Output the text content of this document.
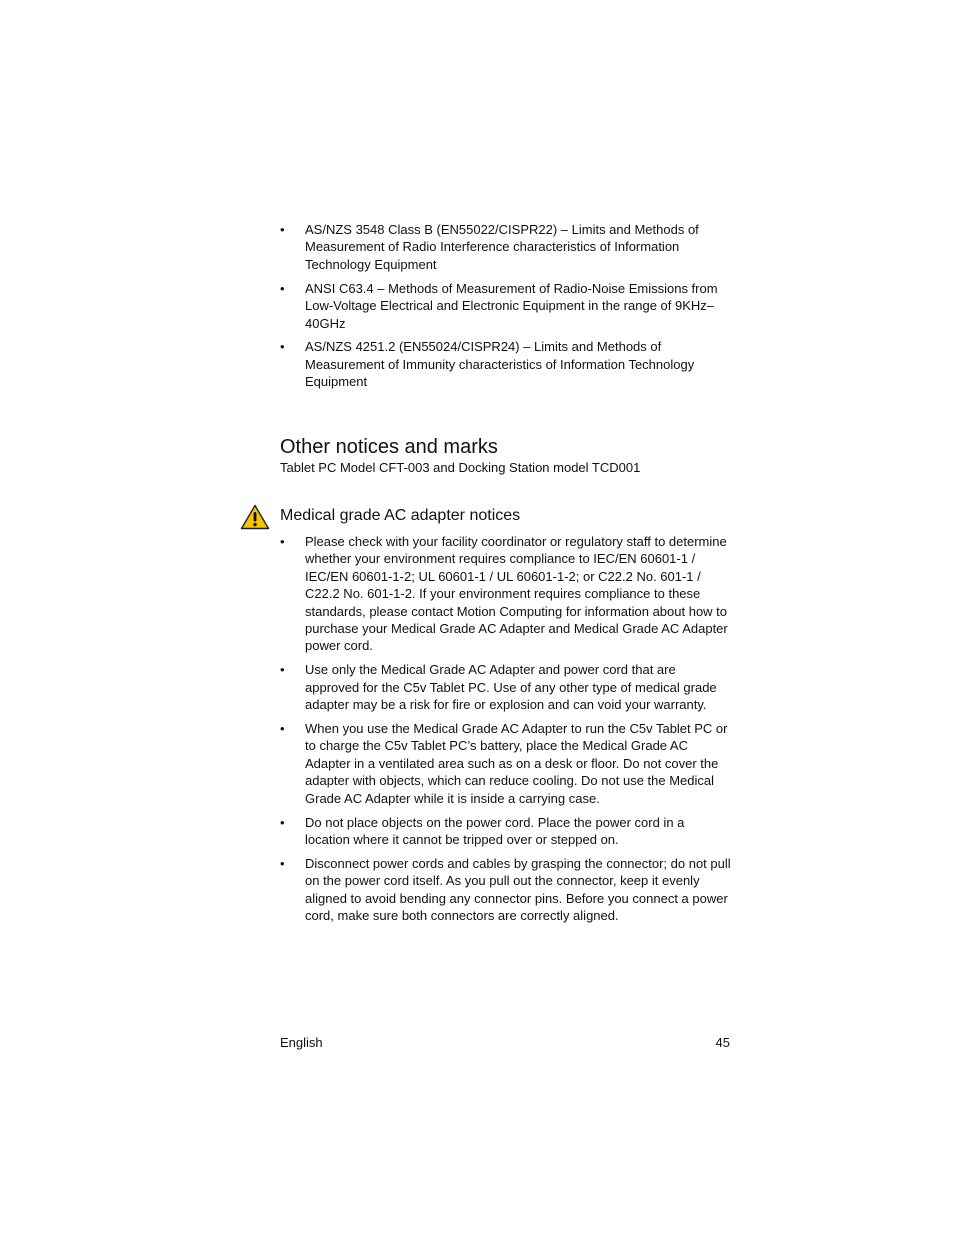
• AS/NZS 3548 Class B (EN55022/CISPR22) – Limits and Methods of Measurement of Radio Interference characteristics of Information Technology Equipment
• ANSI C63.4 – Methods of Measurement of Radio-Noise Emissions from Low-Voltage Electrical and Electronic Equipment in the range of 9KHz–40GHz
• AS/NZS 4251.2 (EN55024/CISPR24) – Limits and Methods of Measurement of Immunity characteristics of Information Technology Equipment
Other notices and marks

Tablet PC Model CFT-003 and Docking Station model TCD001

Medical grade AC adapter notices
• Please check with your facility coordinator or regulatory staff to determine whether your environment requires compliance to IEC/EN 60601-1 / IEC/EN 60601-1-2; UL 60601-1 / UL 60601-1-2; or C22.2 No. 601-1 / C22.2 No. 601-1-2. If your environment requires compliance to these standards, please contact Motion Computing for information about how to purchase your Medical Grade AC Adapter and Medical Grade AC Adapter power cord.
• Use only the Medical Grade AC Adapter and power cord that are approved for the C5v Tablet PC. Use of any other type of medical grade adapter may be a risk for fire or explosion and can void your warranty.
• When you use the Medical Grade AC Adapter to run the C5v Tablet PC or to charge the C5v Tablet PC’s battery, place the Medical Grade AC Adapter in a ventilated area such as on a desk or floor. Do not cover the adapter with objects, which can reduce cooling. Do not use the Medical Grade AC Adapter while it is inside a carrying case.
• Do not place objects on the power cord. Place the power cord in a location where it cannot be tripped over or stepped on.
• Disconnect power cords and cables by grasping the connector; do not pull on the power cord itself. As you pull out the connector, keep it evenly aligned to avoid bending any connector pins. Before you connect a power cord, make sure both connectors are correctly aligned.
English	45
